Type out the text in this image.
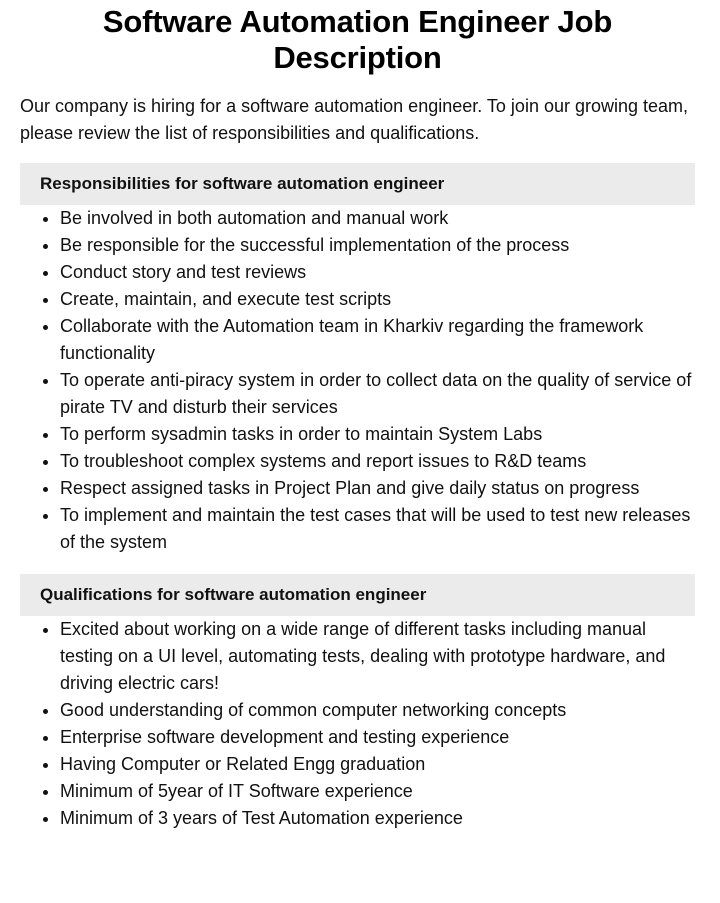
Software Automation Engineer Job Description

Our company is hiring for a software automation engineer. To join our growing team, please review the list of responsibilities and qualifications.

Responsibilities for software automation engineer
Be involved in both automation and manual work
Be responsible for the successful implementation of the process
Conduct story and test reviews
Create, maintain, and execute test scripts
Collaborate with the Automation team in Kharkiv regarding the framework functionality
To operate anti-piracy system in order to collect data on the quality of service of pirate TV and disturb their services
To perform sysadmin tasks in order to maintain System Labs
To troubleshoot complex systems and report issues to R&D teams
Respect assigned tasks in Project Plan and give daily status on progress
To implement and maintain the test cases that will be used to test new releases of the system
Qualifications for software automation engineer
Excited about working on a wide range of different tasks including manual testing on a UI level, automating tests, dealing with prototype hardware, and driving electric cars!
Good understanding of common computer networking concepts
Enterprise software development and testing experience
Having Computer or Related Engg graduation
Minimum of 5year of IT Software experience
Minimum of 3 years of Test Automation experience
